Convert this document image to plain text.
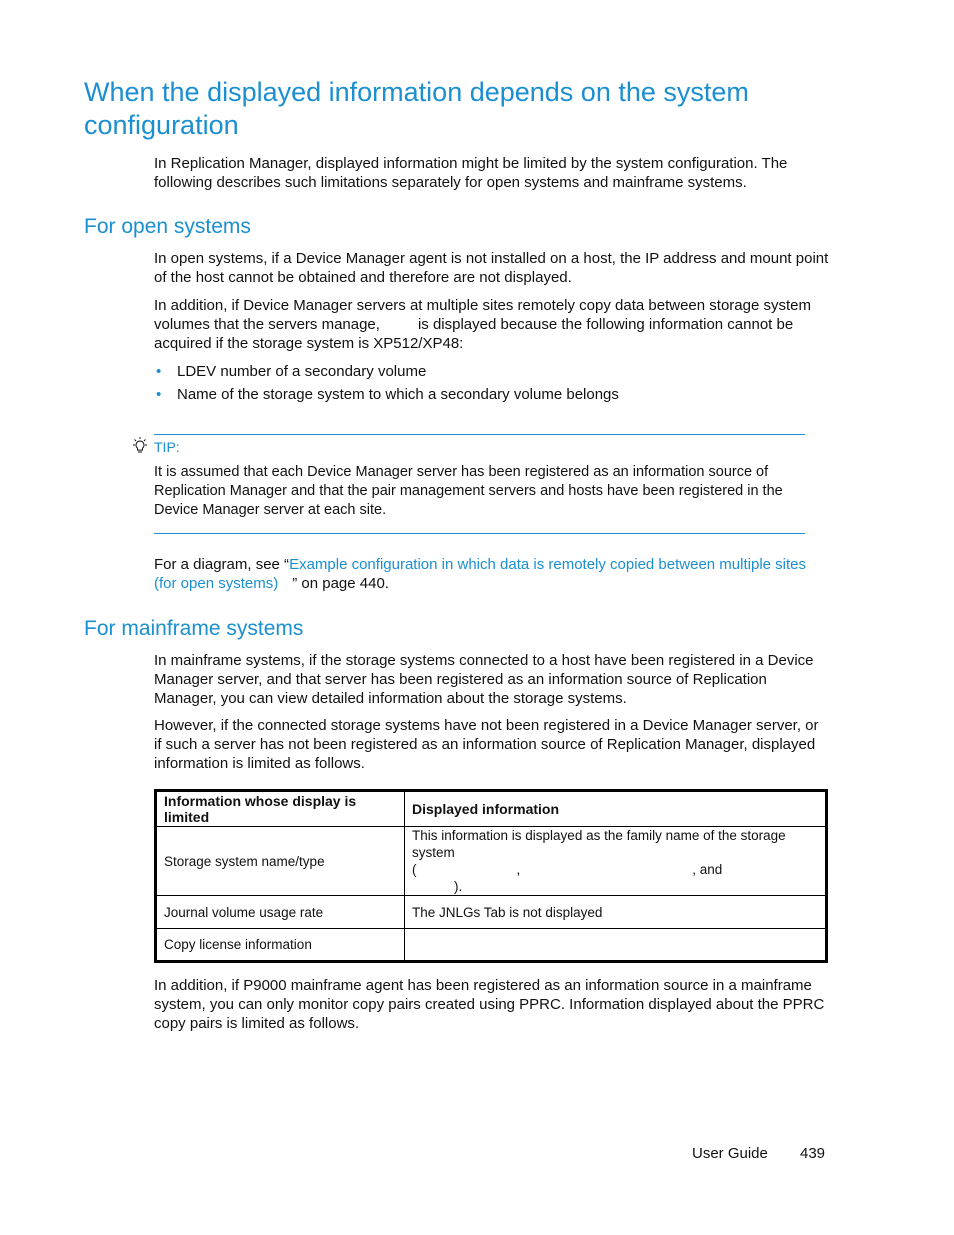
When the displayed information depends on the system configuration

In Replication Manager, displayed information might be limited by the system configuration. The following describes such limitations separately for open systems and mainframe systems.

For open systems

In open systems, if a Device Manager agent is not installed on a host, the IP address and mount point of the host cannot be obtained and therefore are not displayed.

In addition, if Device Manager servers at multiple sites remotely copy data between storage system
volumes that the servers manage,	is displayed because the following information cannot be
acquired if the storage system is XP512/XP48:
• LDEV number of a secondary volume
• Name of the storage system to which a secondary volume belongs
TIP:

It is assumed that each Device Manager server has been registered as an information source of Replication Manager and that the pair management servers and hosts have been registered in the Device Manager server at each site.

For a diagram, see “Example configuration in which data is remotely copied between multiple sites (for open systems) ” on page 440.

For mainframe systems

In mainframe systems, if the storage systems connected to a host have been registered in a Device Manager server, and that server has been registered as an information source of Replication Manager, you can view detailed information about the storage systems.

However, if the connected storage systems have not been registered in a Device Manager server, or if such a server has not been registered as an information source of Replication Manager, displayed information is limited as follows.

Information whose display is limited	Displayed information
Storage system name/type	This information is displayed as the family name of the storage system
( , , and
).

Journal volume usage rate	The JNLGs Tab is not displayed
Copy license information	

In addition, if P9000 mainframe agent has been registered as an information source in a mainframe system, you can only monitor copy pairs created using PPRC. Information displayed about the PPRC copy pairs is limited as follows.

User Guide 439
